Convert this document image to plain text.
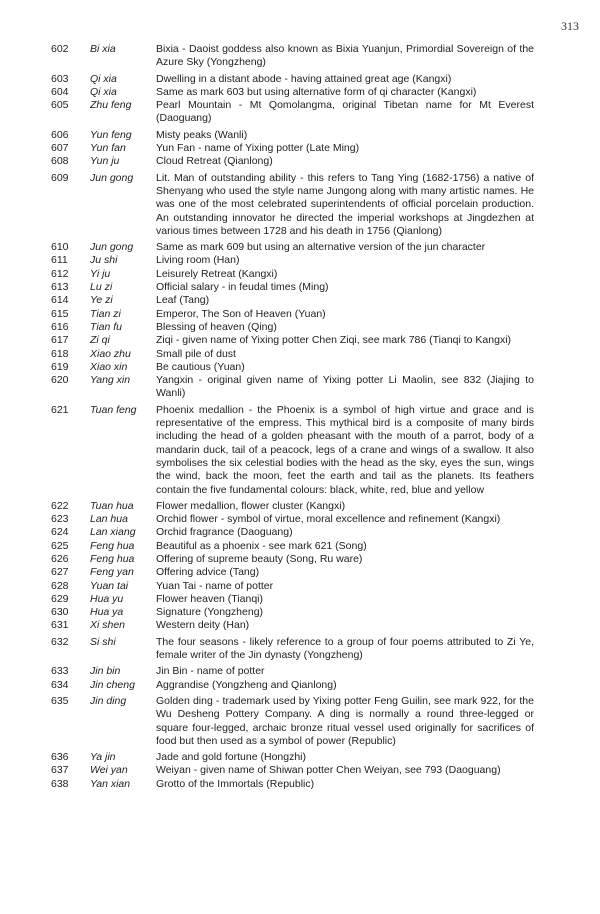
313
602	Bi xia	Bixia - Daoist goddess also known as Bixia Yuanjun, Primordial Sovereign of the Azure Sky (Yongzheng)
603	Qi xia	Dwelling in a distant abode - having attained great age (Kangxi)
604	Qi xia	Same as mark 603 but using alternative form of qi character (Kangxi)
605	Zhu feng	Pearl Mountain - Mt Qomolangma, original Tibetan name for Mt Everest (Daoguang)
606	Yun feng	Misty peaks (Wanli)
607	Yun fan	Yun Fan - name of Yixing potter (Late Ming)
608	Yun ju	Cloud Retreat (Qianlong)
609	Jun gong	Lit. Man of outstanding ability - this refers to Tang Ying (1682-1756) a native of Shenyang who used the style name Jungong along with many artistic names. He was one of the most celebrated superintendents of official porcelain production. An outstanding innovator he directed the imperial workshops at Jingdezhen at various times between 1728 and his death in 1756 (Qianlong)
610	Jun gong	Same as mark 609 but using an alternative version of the jun character
611	Ju shi	Living room (Han)
612	Yi ju	Leisurely Retreat (Kangxi)
613	Lu zi	Official salary - in feudal times (Ming)
614	Ye zi	Leaf (Tang)
615	Tian zi	Emperor, The Son of Heaven (Yuan)
616	Tian fu	Blessing of heaven (Qing)
617	Zi qi	Ziqi - given name of Yixing potter Chen Ziqi, see mark 786 (Tianqi to Kangxi)
618	Xiao zhu	Small pile of dust
619	Xiao xin	Be cautious (Yuan)
620	Yang xin	Yangxin - original given name of Yixing potter Li Maolin, see 832 (Jiajing to Wanli)
621	Tuan feng	Phoenix medallion - the Phoenix is a symbol of high virtue and grace and is representative of the empress. This mythical bird is a composite of many birds including the head of a golden pheasant with the mouth of a parrot, body of a mandarin duck, tail of a peacock, legs of a crane and wings of a swallow. It also symbolises the six celestial bodies with the head as the sky, eyes the sun, wings the wind, back the moon, feet the earth and tail as the planets. Its feathers contain the five fundamental colours: black, white, red, blue and yellow
622	Tuan hua	Flower medallion, flower cluster (Kangxi)
623	Lan hua	Orchid flower - symbol of virtue, moral excellence and refinement (Kangxi)
624	Lan xiang	Orchid fragrance (Daoguang)
625	Feng hua	Beautiful as a phoenix - see mark 621 (Song)
626	Feng hua	Offering of supreme beauty (Song, Ru ware)
627	Feng yan	Offering advice (Tang)
628	Yuan tai	Yuan Tai - name of potter
629	Hua yu	Flower heaven (Tianqi)
630	Hua ya	Signature (Yongzheng)
631	Xi shen	Western deity (Han)
632	Si shi	The four seasons - likely reference to a group of four poems attributed to Zi Ye, female writer of the Jin dynasty (Yongzheng)
633	Jin bin	Jin Bin - name of potter
634	Jin cheng	Aggrandise (Yongzheng and Qianlong)
635	Jin ding	Golden ding - trademark used by Yixing potter Feng Guilin, see mark 922, for the Wu Desheng Pottery Company. A ding is normally a round three-legged or square four-legged, archaic bronze ritual vessel used originally for sacrifices of food but then used as a symbol of power (Republic)
636	Ya jin	Jade and gold fortune (Hongzhi)
637	Wei yan	Weiyan - given name of Shiwan potter Chen Weiyan, see 793 (Daoguang)
638	Yan xian	Grotto of the Immortals (Republic)
